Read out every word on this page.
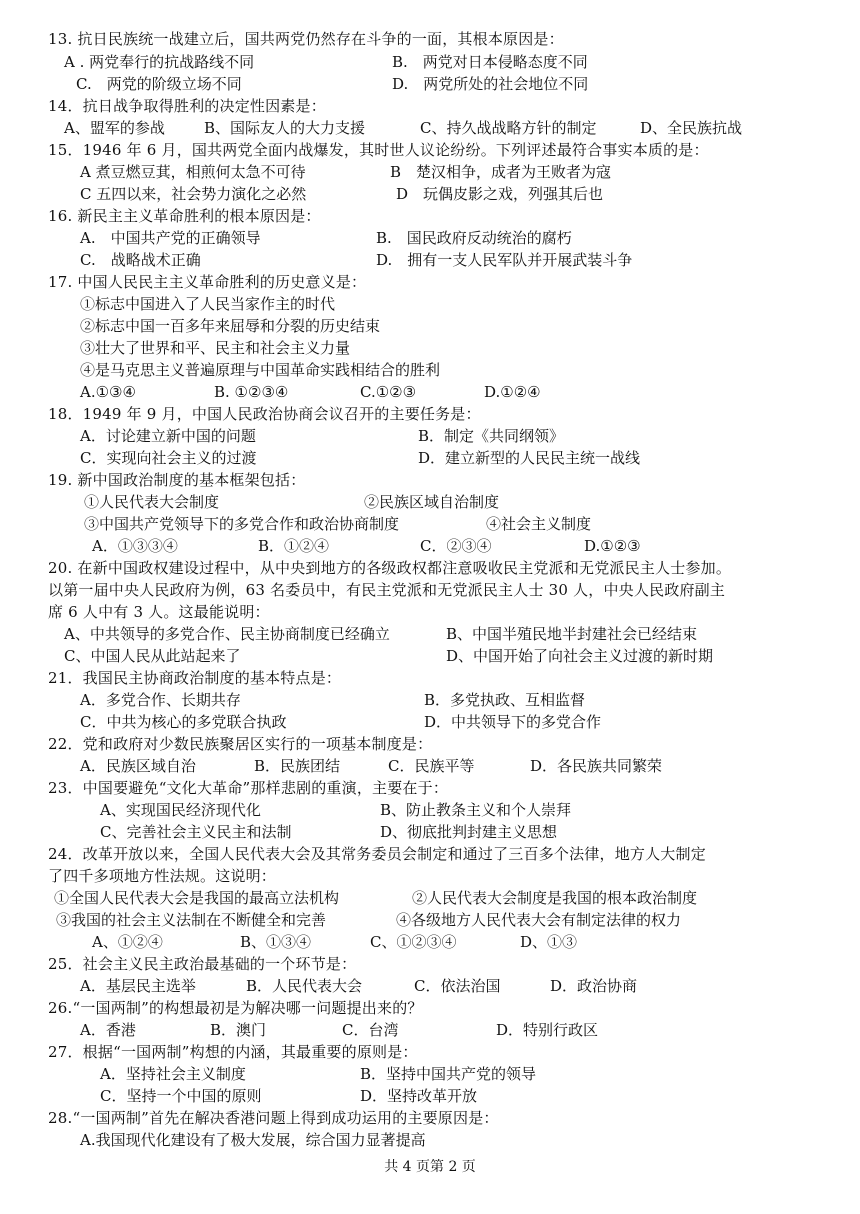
13. 抗日民族统一战建立后，国共两党仍然存在斗争的一面，其根本原因是：
A . 两党奉行的抗战路线不同	B.　两党对日本侵略态度不同
C.　两党的阶级立场不同	D.　两党所处的社会地位不同
14．抗日战争取得胜利的决定性因素是：
A、盟军的参战	B、国际友人的大力支援	C、持久战战略方针的制定	D、全民族抗战
15．1946 年 6 月，国共两党全面内战爆发，其时世人议论纷纷。下列评述最符合事实本质的是：
A 煮豆燃豆萁，相煎何太急不可待	B　楚汉相争，成者为王败者为寇
C 五四以来，社会势力演化之必然	D　玩偶皮影之戏，列强其后也
16. 新民主主义革命胜利的根本原因是：
A.　中国共产党的正确领导	B.　国民政府反动统治的腐朽
C.　战略战术正确	D.　拥有一支人民军队并开展武装斗争
17. 中国人民民主主义革命胜利的历史意义是：
①标志中国进入了人民当家作主的时代
②标志中国一百多年来屈辱和分裂的历史结束
③壮大了世界和平、民主和社会主义力量
④是马克思主义普遍原理与中国革命实践相结合的胜利
A.①③④	B. ①②③④	C.①②③	D.①②④
18．1949 年 9 月，中国人民政治协商会议召开的主要任务是：
A．讨论建立新中国的问题	B．制定《共同纲领》
C．实现向社会主义的过渡	D．建立新型的人民民主统一战线
19. 新中国政治制度的基本框架包括：
①人民代表大会制度	②民族区域自治制度
③中国共产党领导下的多党合作和政治协商制度	④社会主义制度
A．①③③④	B．①②④	C．②③④	D.①②③
20. 在新中国政权建设过程中，从中央到地方的各级政权都注意吸收民主党派和无党派民主人士参加。
以第一届中央人民政府为例，63 名委员中，有民主党派和无党派民主人士 30 人，中央人民政府副主
席 6 人中有 3 人。这最能说明：
A、中共领导的多党合作、民主协商制度已经确立	B、中国半殖民地半封建社会已经结束
C、中国人民从此站起来了	D、中国开始了向社会主义过渡的新时期
21．我国民主协商政治制度的基本特点是：
A．多党合作、长期共存	B．多党执政、互相监督
C．中共为核心的多党联合执政	D．中共领导下的多党合作
22．党和政府对少数民族聚居区实行的一项基本制度是：
A．民族区域自治	B．民族团结	C．民族平等	D．各民族共同繁荣
23．中国要避免“文化大革命”那样悲剧的重演，主要在于：
A、实现国民经济现代化	B、防止教条主义和个人崇拜
C、完善社会主义民主和法制	D、彻底批判封建主义思想
24．改革开放以来，全国人民代表大会及其常务委员会制定和通过了三百多个法律，地方人大制定
了四千多项地方性法规。这说明：
①全国人民代表大会是我国的最高立法机构	②人民代表大会制度是我国的根本政治制度
③我国的社会主义法制在不断健全和完善	④各级地方人民代表大会有制定法律的权力
A、①②④	B、①③④	C、①②③④	D、①③
25．社会主义民主政治最基础的一个环节是：
A．基层民主选举	B．人民代表大会	C．依法治国	D．政治协商
26.“一国两制”的构想最初是为解决哪一问题提出来的？
A．香港	B．澳门	C．台湾	D．特别行政区
27．根据“一国两制”构想的内涵，其最重要的原则是：
A．坚持社会主义制度	B．坚持中国共产党的领导
C．坚持一个中国的原则	D．坚持改革开放
28.“一国两制”首先在解决香港问题上得到成功运用的主要原因是：
A.我国现代化建设有了极大发展，综合国力显著提高
共 4 页第 2 页
